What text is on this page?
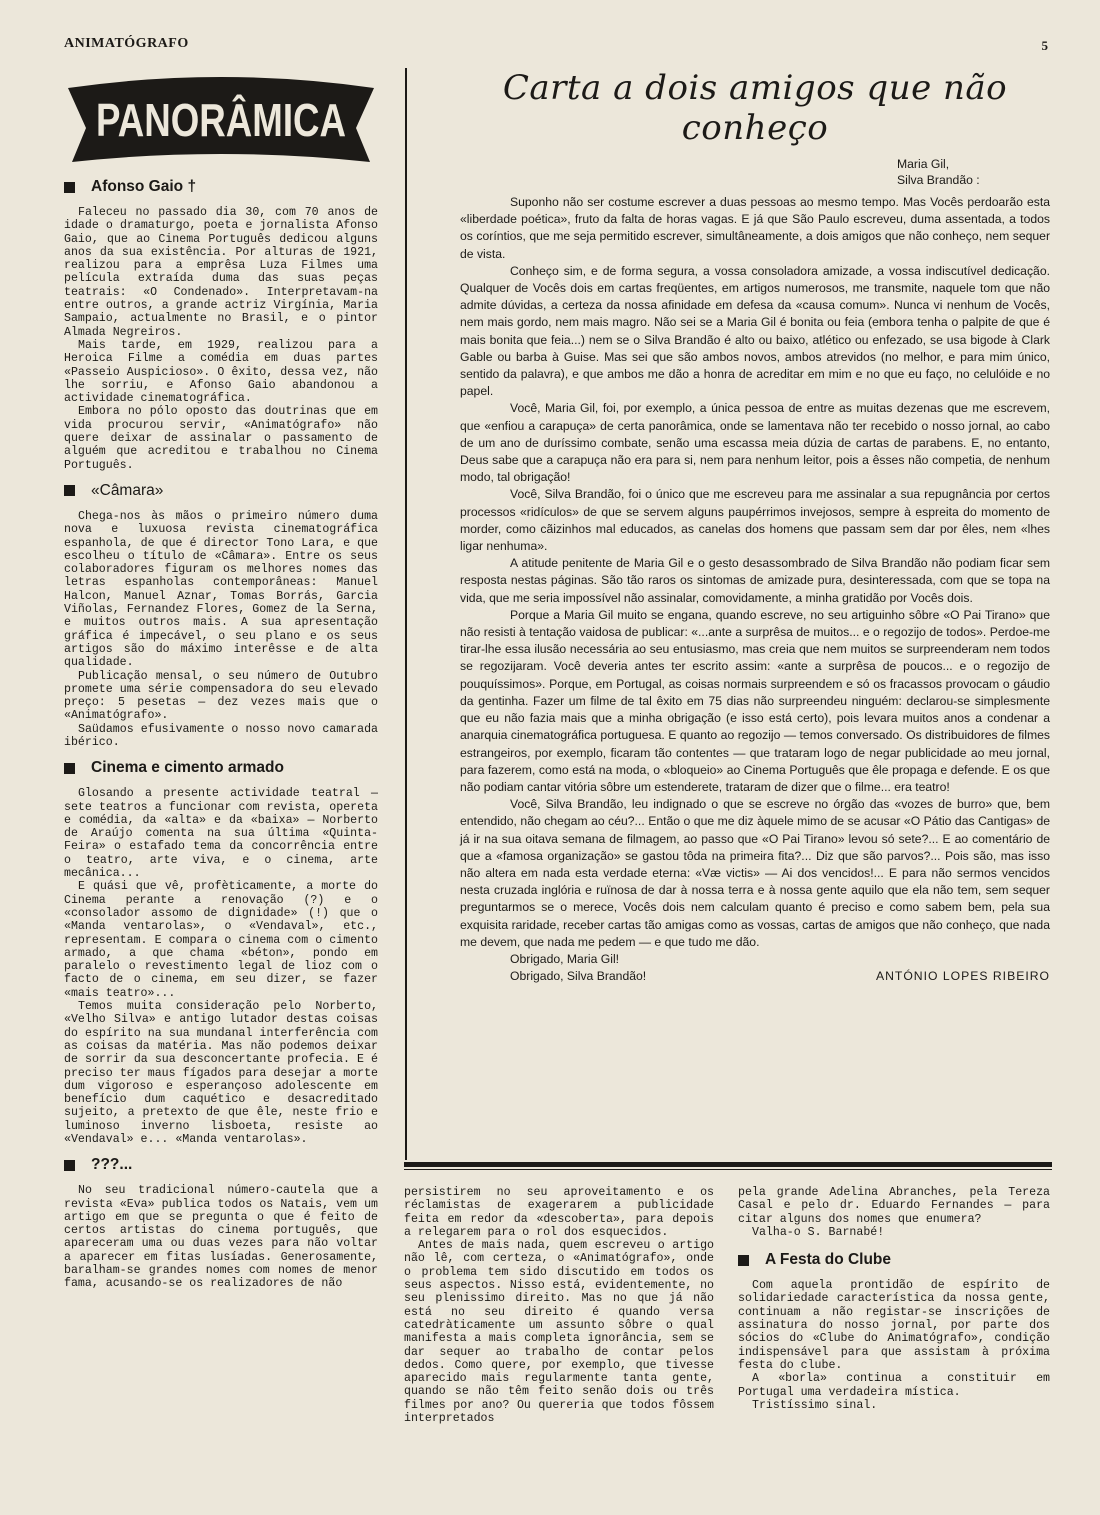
ANIMATÓGRAFO	5
PANORÂMICA
Afonso Gaio †

Faleceu no passado dia 30, com 70 anos de idade o dramaturgo, poeta e jornalista Afonso Gaio, que ao Cinema Português dedicou alguns anos da sua existência. Por alturas de 1921, realizou para a emprêsa Luza Filmes uma película extraída duma das suas peças teatrais: «O Condenado». Interpretavam-na entre outros, a grande actriz Virgínia, Maria Sampaio, actualmente no Brasil, e o pintor Almada Negreiros.

Mais tarde, em 1929, realizou para a Heroica Filme a comédia em duas partes «Passeio Auspicioso». O êxito, dessa vez, não lhe sorriu, e Afonso Gaio abandonou a actividade cinematográfica.

Embora no pólo oposto das doutrinas que em vida procurou servir, «Animatógrafo» não quere deixar de assinalar o passamento de alguém que acreditou e trabalhou no Cinema Português.

«Câmara»

Chega-nos às mãos o primeiro número duma nova e luxuosa revista cinematográfica espanhola, de que é director Tono Lara, e que escolheu o título de «Câmara». Entre os seus colaboradores figuram os melhores nomes das letras espanholas contemporâneas: Manuel Halcon, Manuel Aznar, Tomas Borrás, Garcia Viñolas, Fernandez Flores, Gomez de la Serna, e muitos outros mais. A sua apresentação gráfica é impecável, o seu plano e os seus artigos são do máximo interêsse e de alta qualidade.

Publicação mensal, o seu número de Outubro promete uma série compensadora do seu elevado preço: 5 pesetas — dez vezes mais que o «Animatógrafo».

Saüdamos efusivamente o nosso novo camarada ibérico.

Cinema e cimento armado

Glosando a presente actividade teatral — sete teatros a funcionar com revista, opereta e comédia, da «alta» e da «baixa» — Norberto de Araújo comenta na sua última «Quinta-Feira» o estafado tema da concorrência entre o teatro, arte viva, e o cinema, arte mecânica...

E quási que vê, profèticamente, a morte do Cinema perante a renovação (?) e o «consolador assomo de dignidade» (!) que o «Manda ventarolas», o «Vendaval», etc., representam. E compara o cinema com o cimento armado, a que chama «béton», pondo em paralelo o revestimento legal de lioz com o facto de o cinema, em seu dizer, se fazer «mais teatro»...

Temos muita consideração pelo Norberto, «Velho Silva» e antigo lutador destas coisas do espírito na sua mundanal interferência com as coisas da matéria. Mas não podemos deixar de sorrir da sua desconcertante profecia. E é preciso ter maus fígados para desejar a morte dum vigoroso e esperançoso adolescente em benefício dum caquético e desacreditado sujeito, a pretexto de que êle, neste frio e luminoso inverno lisboeta, resiste ao «Vendaval» e... «Manda ventarolas».

???...

No seu tradicional número-cautela que a revista «Eva» publica todos os Natais, vem um artigo em que se pregunta o que é feito de certos artistas do cinema português, que apareceram uma ou duas vezes para não voltar a aparecer em fitas lusíadas. Generosamente, baralham-se grandes nomes com nomes de menor fama, acusando-se os realizadores de não

Carta a dois amigos que não conheço
Maria Gil,
Silva Brandão :

Suponho não ser costume escrever a duas pessoas ao mesmo tempo. Mas Vocês perdoarão esta «liberdade poética», fruto da falta de horas vagas. E já que São Paulo escreveu, duma assentada, a todos os coríntios, que me seja permitido escrever, simultâneamente, a dois amigos que não conheço, nem sequer de vista.

Conheço sim, e de forma segura, a vossa consoladora amizade, a vossa indiscutível dedicação. Qualquer de Vocês dois em cartas freqüentes, em artigos numerosos, me transmite, naquele tom que não admite dúvidas, a certeza da nossa afinidade em defesa da «causa comum». Nunca vi nenhum de Vocês, nem mais gordo, nem mais magro. Não sei se a Maria Gil é bonita ou feia (embora tenha o palpite de que é mais bonita que feia...) nem se o Silva Brandão é alto ou baixo, atlético ou enfezado, se usa bigode à Clark Gable ou barba à Guise. Mas sei que são ambos novos, ambos atrevidos (no melhor, e para mim único, sentido da palavra), e que ambos me dão a honra de acreditar em mim e no que eu faço, no celulóide e no papel.

Você, Maria Gil, foi, por exemplo, a única pessoa de entre as muitas dezenas que me escrevem, que «enfiou a carapuça» de certa panorâmica, onde se lamentava não ter recebido o nosso jornal, ao cabo de um ano de duríssimo combate, senão uma escassa meia dúzia de cartas de parabens. E, no entanto, Deus sabe que a carapuça não era para si, nem para nenhum leitor, pois a êsses não competia, de nenhum modo, tal obrigação!

Você, Silva Brandão, foi o único que me escreveu para me assinalar a sua repugnância por certos processos «ridículos» de que se servem alguns paupérrimos invejosos, sempre à espreita do momento de morder, como cãizinhos mal educados, as canelas dos homens que passam sem dar por êles, nem «lhes ligar nenhuma».

A atitude penitente de Maria Gil e o gesto desassombrado de Silva Brandão não podiam ficar sem resposta nestas páginas. São tão raros os sintomas de amizade pura, desinteressada, com que se topa na vida, que me seria impossível não assinalar, comovidamente, a minha gratidão por Vocês dois.

Porque a Maria Gil muito se engana, quando escreve, no seu artiguinho sôbre «O Pai Tirano» que não resisti à tentação vaidosa de publicar: «...ante a surprêsa de muitos... e o regozijo de todos». Perdoe-me tirar-lhe essa ilusão necessária ao seu entusiasmo, mas creia que nem muitos se surpreenderam nem todos se regozijaram. Você deveria antes ter escrito assim: «ante a surprêsa de poucos... e o regozijo de pouquíssimos». Porque, em Portugal, as coisas normais surpreendem e só os fracassos provocam o gáudio da gentinha. Fazer um filme de tal êxito em 75 dias não surpreendeu ninguém: declarou-se simplesmente que eu não fazia mais que a minha obrigação (e isso está certo), pois levara muitos anos a condenar a anarquia cinematográfica portuguesa. E quanto ao regozijo — temos conversado. Os distribuidores de filmes estrangeiros, por exemplo, ficaram tão contentes — que trataram logo de negar publicidade ao meu jornal, para fazerem, como está na moda, o «bloqueio» ao Cinema Português que êle propaga e defende. E os que não podiam cantar vitória sôbre um estenderete, trataram de dizer que o filme... era teatro!

Você, Silva Brandão, leu indignado o que se escreve no órgão das «vozes de burro» que, bem entendido, não chegam ao céu?... Então o que me diz àquele mimo de se acusar «O Pátio das Cantigas» de já ir na sua oitava semana de filmagem, ao passo que «O Pai Tirano» levou só sete?... E ao comentário de que a «famosa organização» se gastou tôda na primeira fita?... Diz que são parvos?... Pois são, mas isso não altera em nada esta verdade eterna: «Væ victis» — Ai dos vencidos!... E para não sermos vencidos nesta cruzada inglória e ruïnosa de dar à nossa terra e à nossa gente aquilo que ela não tem, sem sequer preguntarmos se o merece, Vocês dois nem calculam quanto é preciso e como sabem bem, pela sua exquisita raridade, receber cartas tão amigas como as vossas, cartas de amigos que não conheço, que nada me devem, que nada me pedem — e que tudo me dão.

Obrigado, Maria Gil!
Obrigado, Silva Brandão!	ANTÓNIO LOPES RIBEIRO

persistirem no seu aproveitamento e os réclamistas de exagerarem a publicidade feita em redor da «descoberta», para depois a relegarem para o rol dos esquecidos.

Antes de mais nada, quem escreveu o artigo não lê, com certeza, o «Animatógrafo», onde o problema tem sido discutido em todos os seus aspectos. Nisso está, evidentemente, no seu plenissimo direito. Mas no que já não está no seu direito é quando versa catedràticamente um assunto sôbre o qual manifesta a mais completa ignorância, sem se dar sequer ao trabalho de contar pelos dedos. Como quere, por exemplo, que tivesse aparecido mais regularmente tanta gente, quando se não têm feito senão dois ou três filmes por ano? Ou quereria que todos fôssem interpretados

pela grande Adelina Abranches, pela Tereza Casal e pelo dr. Eduardo Fernandes — para citar alguns dos nomes que enumera?

Valha-o S. Barnabé!

A Festa do Clube

Com aquela prontidão de espírito de solidariedade característica da nossa gente, continuam a não registar-se inscrições de assinatura do nosso jornal, por parte dos sócios do «Clube do Animatógrafo», condição indispensável para que assistam à próxima festa do clube.

A «borla» continua a constituir em Portugal uma verdadeira mística.

Tristíssimo sinal.
